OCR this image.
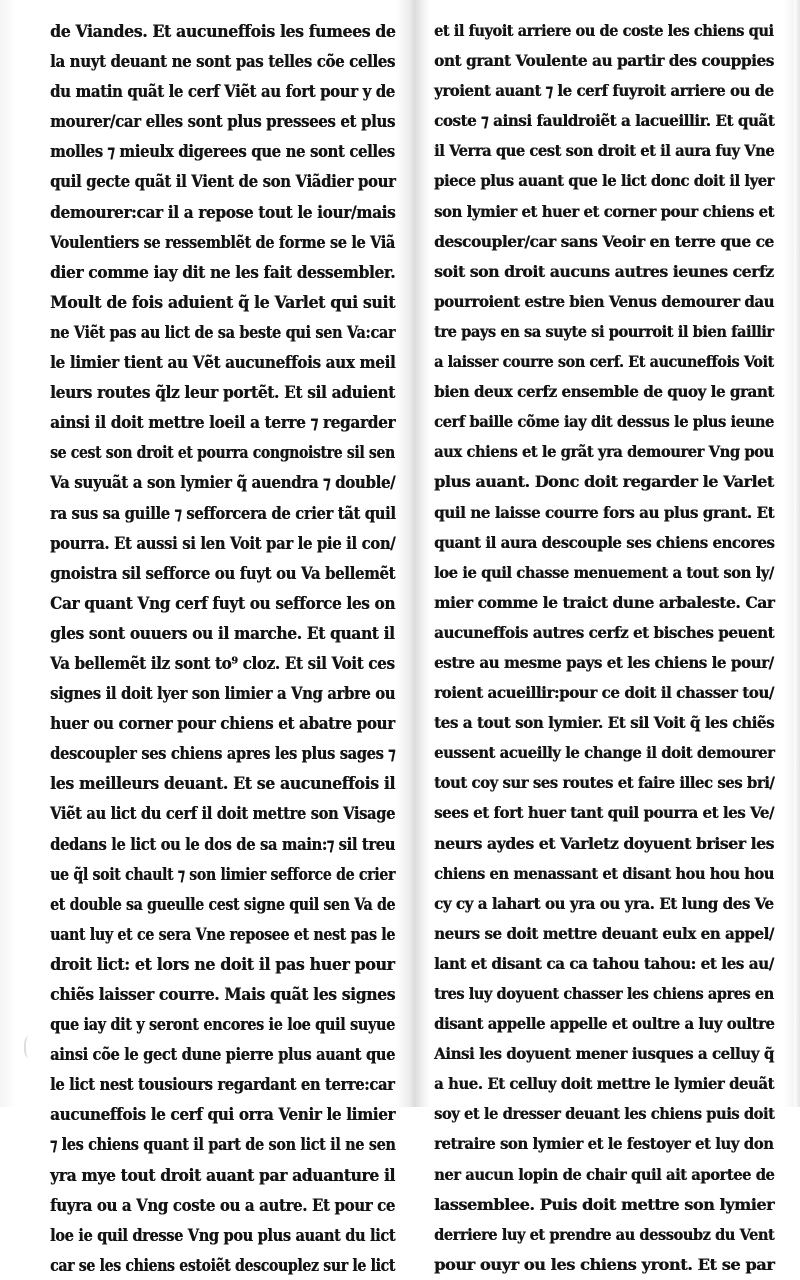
de Viandes. Et aucuneffois les fumees de
la nuyt deuant ne sont pas telles cõe celles
du matin quãt le cerf Viẽt au fort pour y de
mourer/car elles sont plus pressees et plus
molles ⁊ mieulx digerees que ne sont celles
quil gecte quãt il Vient de son Viãdier pour
demourer:car il a repose tout le iour/mais
Voulentiers se ressemblẽt de forme se le Viã
dier comme iay dit ne les fait dessembler.
Moult de fois aduient q̃ le Varlet qui suit
ne Viẽt pas au lict de sa beste qui sen Va:car
le limier tient au Vẽt aucuneffois aux meil
leurs routes q̃lz leur portẽt. Et sil aduient
ainsi il doit mettre loeil a terre ⁊ regarder
se cest son droit et pourra congnoistre sil sen
Va suyuãt a son lymier q̃ auendra ⁊ double/
ra sus sa guille ⁊ sefforcera de crier tãt quil
pourra. Et aussi si len Voit par le pie il con/
gnoistra sil sefforce ou fuyt ou Va bellemẽt
Car quant Vng cerf fuyt ou sefforce les on
gles sont ouuers ou il marche. Et quant il
Va bellemẽt ilz sont to⁹ cloz. Et sil Voit ces
signes il doit lyer son limier a Vng arbre ou
huer ou corner pour chiens et abatre pour
descoupler ses chiens apres les plus sages ⁊
les meilleurs deuant. Et se aucuneffois il
Viẽt au lict du cerf il doit mettre son Visage
dedans le lict ou le dos de sa main:⁊ sil treu
ue q̃l soit chault ⁊ son limier sefforce de crier
et double sa gueulle cest signe quil sen Va de
uant luy et ce sera Vne reposee et nest pas le
droit lict: et lors ne doit il pas huer pour
chiẽs laisser courre. Mais quãt les signes
que iay dit y seront encores ie loe quil suyue
ainsi cõe le gect dune pierre plus auant que
le lict nest tousiours regardant en terre:car
aucuneffois le cerf qui orra Venir le limier
⁊ les chiens quant il part de son lict il ne sen
yra mye tout droit auant par aduanture il
fuyra ou a Vng coste ou a autre. Et pour ce
loe ie quil dresse Vng pou plus auant du lict
car se les chiens estoiẽt descouplez sur le lict
et il fuyoit arriere ou de coste les chiens qui
ont grant Voulente au partir des couppies
yroient auant ⁊ le cerf fuyroit arriere ou de
coste ⁊ ainsi fauldroiẽt a lacueillir. Et quãt
il Verra que cest son droit et il aura fuy Vne
piece plus auant que le lict donc doit il lyer
son lymier et huer et corner pour chiens et
descoupler/car sans Veoir en terre que ce
soit son droit aucuns autres ieunes cerfz
pourroient estre bien Venus demourer dau
tre pays en sa suyte si pourroit il bien faillir
a laisser courre son cerf. Et aucuneffois Voit
bien deux cerfz ensemble de quoy le grant
cerf baille cõme iay dit dessus le plus ieune
aux chiens et le grãt yra demourer Vng pou
plus auant. Donc doit regarder le Varlet
quil ne laisse courre fors au plus grant. Et
quant il aura descouple ses chiens encores
loe ie quil chasse menuement a tout son ly/
mier comme le traict dune arbaleste. Car
aucuneffois autres cerfz et bisches peuent
estre au mesme pays et les chiens le pour/
roient acueillir:pour ce doit il chasser tou/
tes a tout son lymier. Et sil Voit q̃ les chiẽs
eussent acueilly le change il doit demourer
tout coy sur ses routes et faire illec ses bri/
sees et fort huer tant quil pourra et les Ve/
neurs aydes et Varletz doyuent briser les
chiens en menassant et disant hou hou hou
cy cy a lahart ou yra ou yra. Et lung des Ve
neurs se doit mettre deuant eulx en appel/
lant et disant ca ca tahou tahou: et les au/
tres luy doyuent chasser les chiens apres en
disant appelle appelle et oultre a luy oultre
Ainsi les doyuent mener iusques a celluy q̃
a hue. Et celluy doit mettre le lymier deuãt
soy et le dresser deuant les chiens puis doit
retraire son lymier et le festoyer et luy don
ner aucun lopin de chair quil ait aportee de
lassemblee. Puis doit mettre son lymier
derriere luy et prendre au dessoubz du Vent
pour ouyr ou les chiens yront. Et se par
